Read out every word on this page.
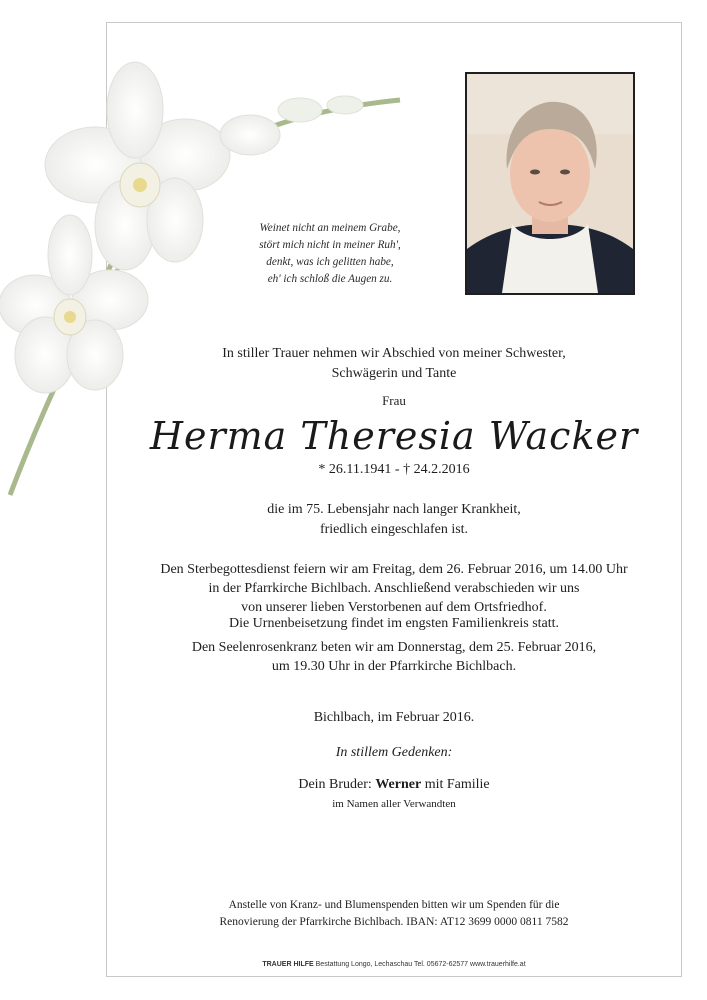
Weinet nicht an meinem Grabe,
stört mich nicht in meiner Ruh',
denkt, was ich gelitten habe,
eh' ich schloß die Augen zu.
In stiller Trauer nehmen wir Abschied von meiner Schwester,
Schwägerin und Tante
Frau
Herma Theresia Wacker
* 26.11.1941 - † 24.2.2016
die im 75. Lebensjahr nach langer Krankheit,
friedlich eingeschlafen ist.
Den Sterbegottesdienst feiern wir am Freitag, dem 26. Februar 2016, um 14.00 Uhr
in der Pfarrkirche Bichlbach. Anschließend verabschieden wir uns
von unserer lieben Verstorbenen auf dem Ortsfriedhof.
Die Urnenbeisetzung findet im engsten Familienkreis statt.
Den Seelenrosenkranz beten wir am Donnerstag, dem 25. Februar 2016,
um 19.30 Uhr in der Pfarrkirche Bichlbach.
Bichlbach, im Februar 2016.
In stillem Gedenken:
Dein Bruder: Werner mit Familie
im Namen aller Verwandten
Anstelle von Kranz- und Blumenspenden bitten wir um Spenden für die
Renovierung der Pfarrkirche Bichlbach. IBAN: AT12 3699 0000 0811 7582
TRAUER HILFE Bestattung Longo, Lechaschau Tel. 05672-62577 www.trauerhilfe.at
